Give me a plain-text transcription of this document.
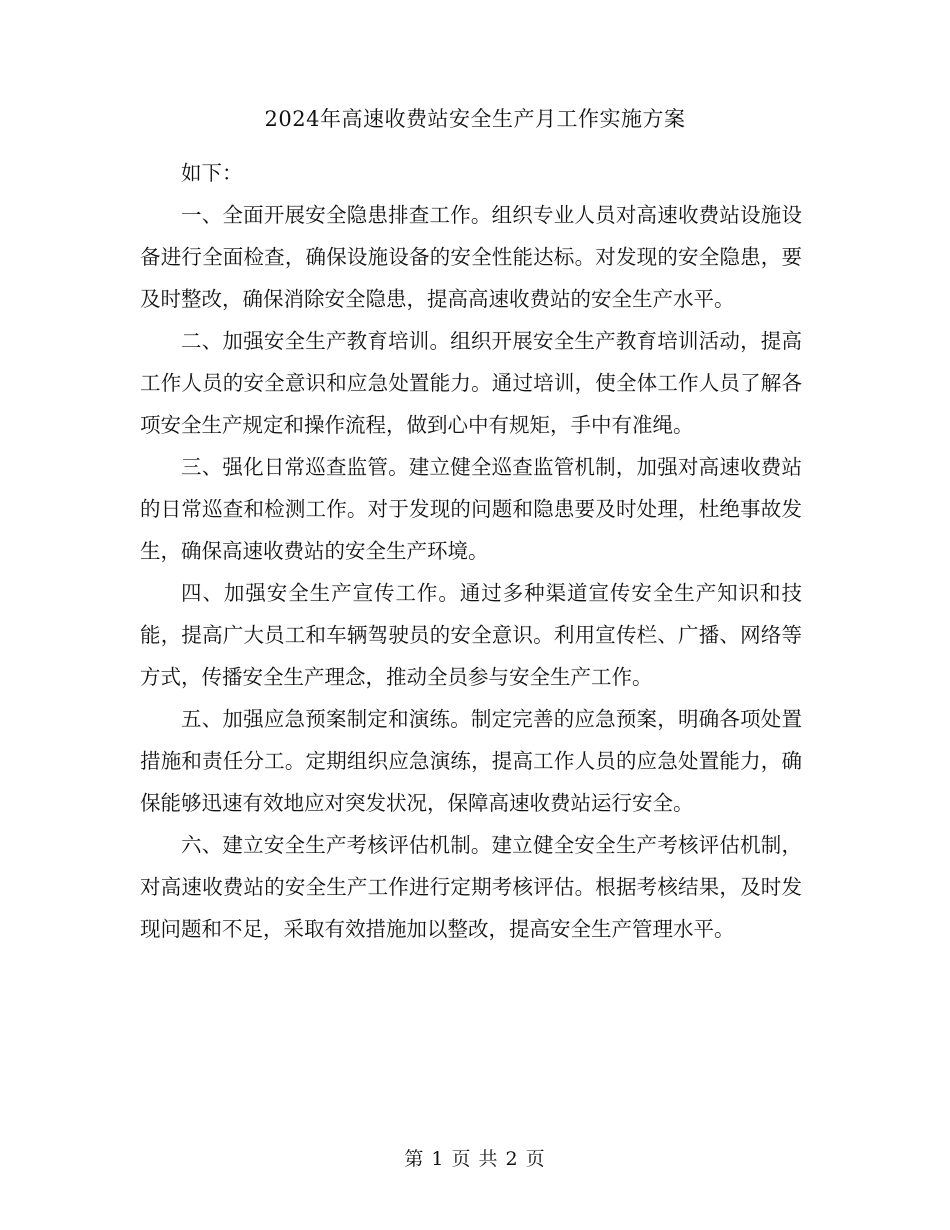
2024年高速收费站安全生产月工作实施方案

如下：

一、全面开展安全隐患排查工作。组织专业人员对高速收费站设施设备进行全面检查，确保设施设备的安全性能达标。对发现的安全隐患，要及时整改，确保消除安全隐患，提高高速收费站的安全生产水平。

二、加强安全生产教育培训。组织开展安全生产教育培训活动，提高工作人员的安全意识和应急处置能力。通过培训，使全体工作人员了解各项安全生产规定和操作流程，做到心中有规矩，手中有准绳。

三、强化日常巡查监管。建立健全巡查监管机制，加强对高速收费站的日常巡查和检测工作。对于发现的问题和隐患要及时处理，杜绝事故发生，确保高速收费站的安全生产环境。

四、加强安全生产宣传工作。通过多种渠道宣传安全生产知识和技能，提高广大员工和车辆驾驶员的安全意识。利用宣传栏、广播、网络等方式，传播安全生产理念，推动全员参与安全生产工作。

五、加强应急预案制定和演练。制定完善的应急预案，明确各项处置措施和责任分工。定期组织应急演练，提高工作人员的应急处置能力，确保能够迅速有效地应对突发状况，保障高速收费站运行安全。

六、建立安全生产考核评估机制。建立健全安全生产考核评估机制，对高速收费站的安全生产工作进行定期考核评估。根据考核结果，及时发现问题和不足，采取有效措施加以整改，提高安全生产管理水平。

第 1 页 共 2 页
